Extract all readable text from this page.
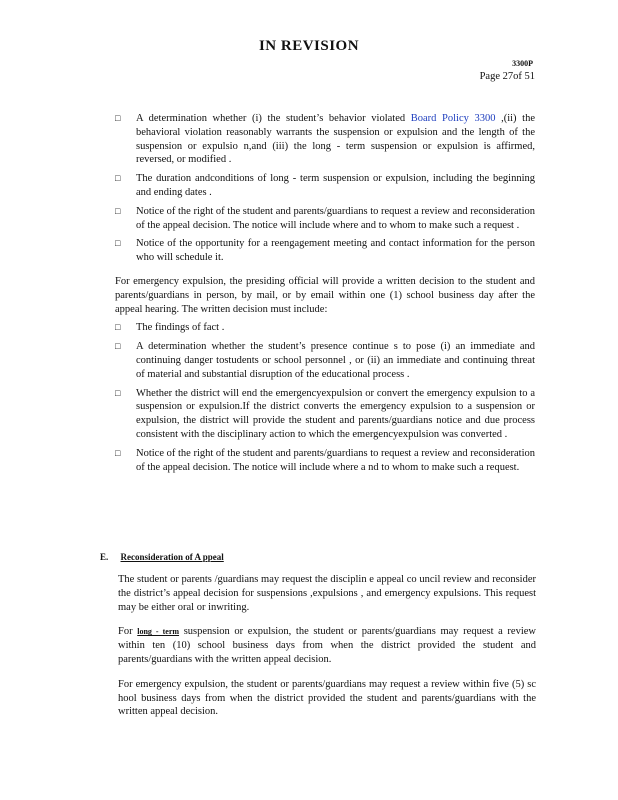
IN REVISION
3300P
Page 27of 51
□	A determination whether (i) the student’s behavior violated Board Policy 3300 ,(ii) the behavioral violation reasonably warrants the suspension or expulsion and the length of the suspension or expulsio n,and (iii) the long - term suspension or expulsion is affirmed, reversed, or modified .
□	The duration andconditions of long - term suspension or expulsion, including the beginning and ending dates .
□	Notice of the right of the student and parents/guardians to request a review and reconsideration of the appeal decision. The notice will include where and to whom to make such a request .
□	Notice of the opportunity for a reengagement meeting and contact information for the person who will schedule it.

For emergency expulsion, the presiding official will provide a written decision to the student and parents/guardians in person, by mail, or by email within one (1) school business day after the appeal hearing. The written decision must include:

□	The findings of fact .
□	A determination whether the student’s presence continue s to pose (i) an immediate and continuing danger tostudents or school personnel , or (ii) an immediate and continuing threat of material and substantial disruption of the educational process .
□	Whether the district will end the emergencyexpulsion or convert the emergency expulsion to a suspension or expulsion.If the district converts the emergency expulsion to a suspension or expulsion, the district will provide the student and parents/guardians notice and due process consistent with the disciplinary action to which the emergencyexpulsion was converted .
□	Notice of the right of the student and parents/guardians to request a review and reconsideration of the appeal decision. The notice will include where a nd to whom to make such a request.
E. Reconsideration of A ppeal

The student or parents /guardians may request the disciplin e appeal co uncil review and reconsider the district’s appeal decision for suspensions ,expulsions , and emergency expulsions. This request may be either oral or inwriting.

For long - term suspension or expulsion, the student or parents/guardians may request a review within ten (10) school business days from when the district provided the student and parents/guardians with the written appeal decision.

For emergency expulsion, the student or parents/guardians may request a review within five (5) sc hool business days from when the district provided the student and parents/guardians with the written appeal decision.
